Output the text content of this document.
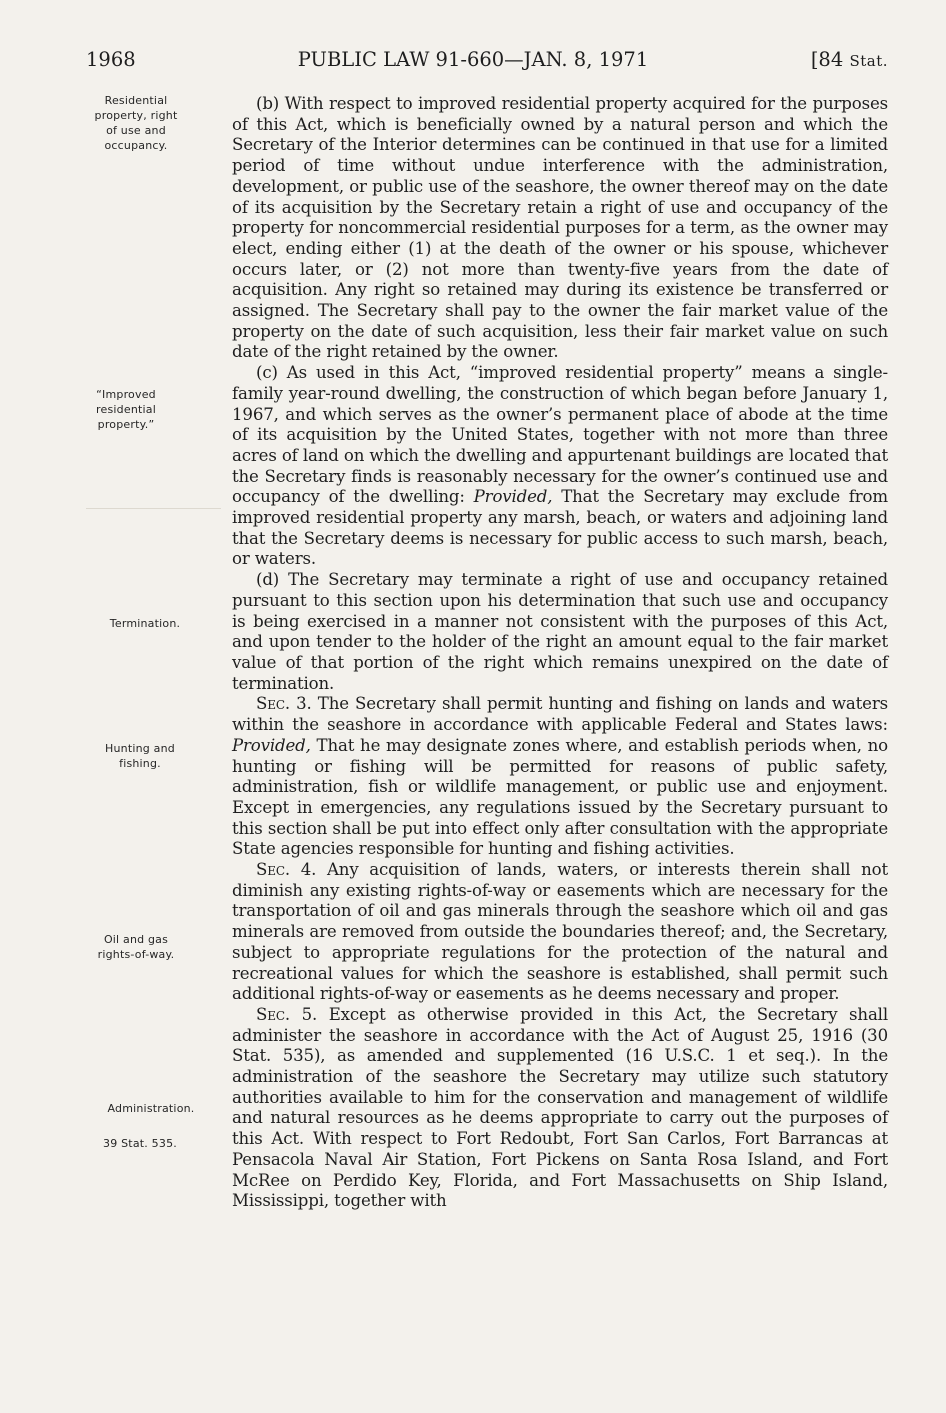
1968	PUBLIC LAW 91-660—JAN. 8, 1971	[84 Stat.
Residential
property, right
of use and
occupancy.
“Improved
residential
property.”
Termination.
Hunting and
fishing.
Oil and gas
rights-of-way.
Administration.
39 Stat. 535.

(b) With respect to improved residential property acquired for the purposes of this Act, which is beneficially owned by a natural person and which the Secretary of the Interior determines can be continued in that use for a limited period of time without undue interference with the administration, development, or public use of the seashore, the owner thereof may on the date of its acquisition by the Secretary retain a right of use and occupancy of the property for noncommercial residential purposes for a term, as the owner may elect, ending either (1) at the death of the owner or his spouse, whichever occurs later, or (2) not more than twenty-five years from the date of acquisition. Any right so retained may during its existence be transferred or assigned. The Secretary shall pay to the owner the fair market value of the property on the date of such acquisition, less their fair market value on such date of the right retained by the owner.

(c) As used in this Act, “improved residential property” means a single-family year-round dwelling, the construction of which began before January 1, 1967, and which serves as the owner’s permanent place of abode at the time of its acquisition by the United States, together with not more than three acres of land on which the dwelling and appurtenant buildings are located that the Secretary finds is reasonably necessary for the owner’s continued use and occupancy of the dwelling: Provided, That the Secretary may exclude from improved residential property any marsh, beach, or waters and adjoining land that the Secretary deems is necessary for public access to such marsh, beach, or waters.

(d) The Secretary may terminate a right of use and occupancy retained pursuant to this section upon his determination that such use and occupancy is being exercised in a manner not consistent with the purposes of this Act, and upon tender to the holder of the right an amount equal to the fair market value of that portion of the right which remains unexpired on the date of termination.

Sec. 3. The Secretary shall permit hunting and fishing on lands and waters within the seashore in accordance with applicable Federal and States laws: Provided, That he may designate zones where, and establish periods when, no hunting or fishing will be permitted for reasons of public safety, administration, fish or wildlife management, or public use and enjoyment. Except in emergencies, any regulations issued by the Secretary pursuant to this section shall be put into effect only after consultation with the appropriate State agencies responsible for hunting and fishing activities.

Sec. 4. Any acquisition of lands, waters, or interests therein shall not diminish any existing rights-of-way or easements which are necessary for the transportation of oil and gas minerals through the seashore which oil and gas minerals are removed from outside the boundaries thereof; and, the Secretary, subject to appropriate regulations for the protection of the natural and recreational values for which the seashore is established, shall permit such additional rights-of-way or easements as he deems necessary and proper.

Sec. 5. Except as otherwise provided in this Act, the Secretary shall administer the seashore in accordance with the Act of August 25, 1916 (30 Stat. 535), as amended and supplemented (16 U.S.C. 1 et seq.). In the administration of the seashore the Secretary may utilize such statutory authorities available to him for the conservation and management of wildlife and natural resources as he deems appropriate to carry out the purposes of this Act. With respect to Fort Redoubt, Fort San Carlos, Fort Barrancas at Pensacola Naval Air Station, Fort Pickens on Santa Rosa Island, and Fort McRee on Perdido Key, Florida, and Fort Massachusetts on Ship Island, Mississippi, together with
